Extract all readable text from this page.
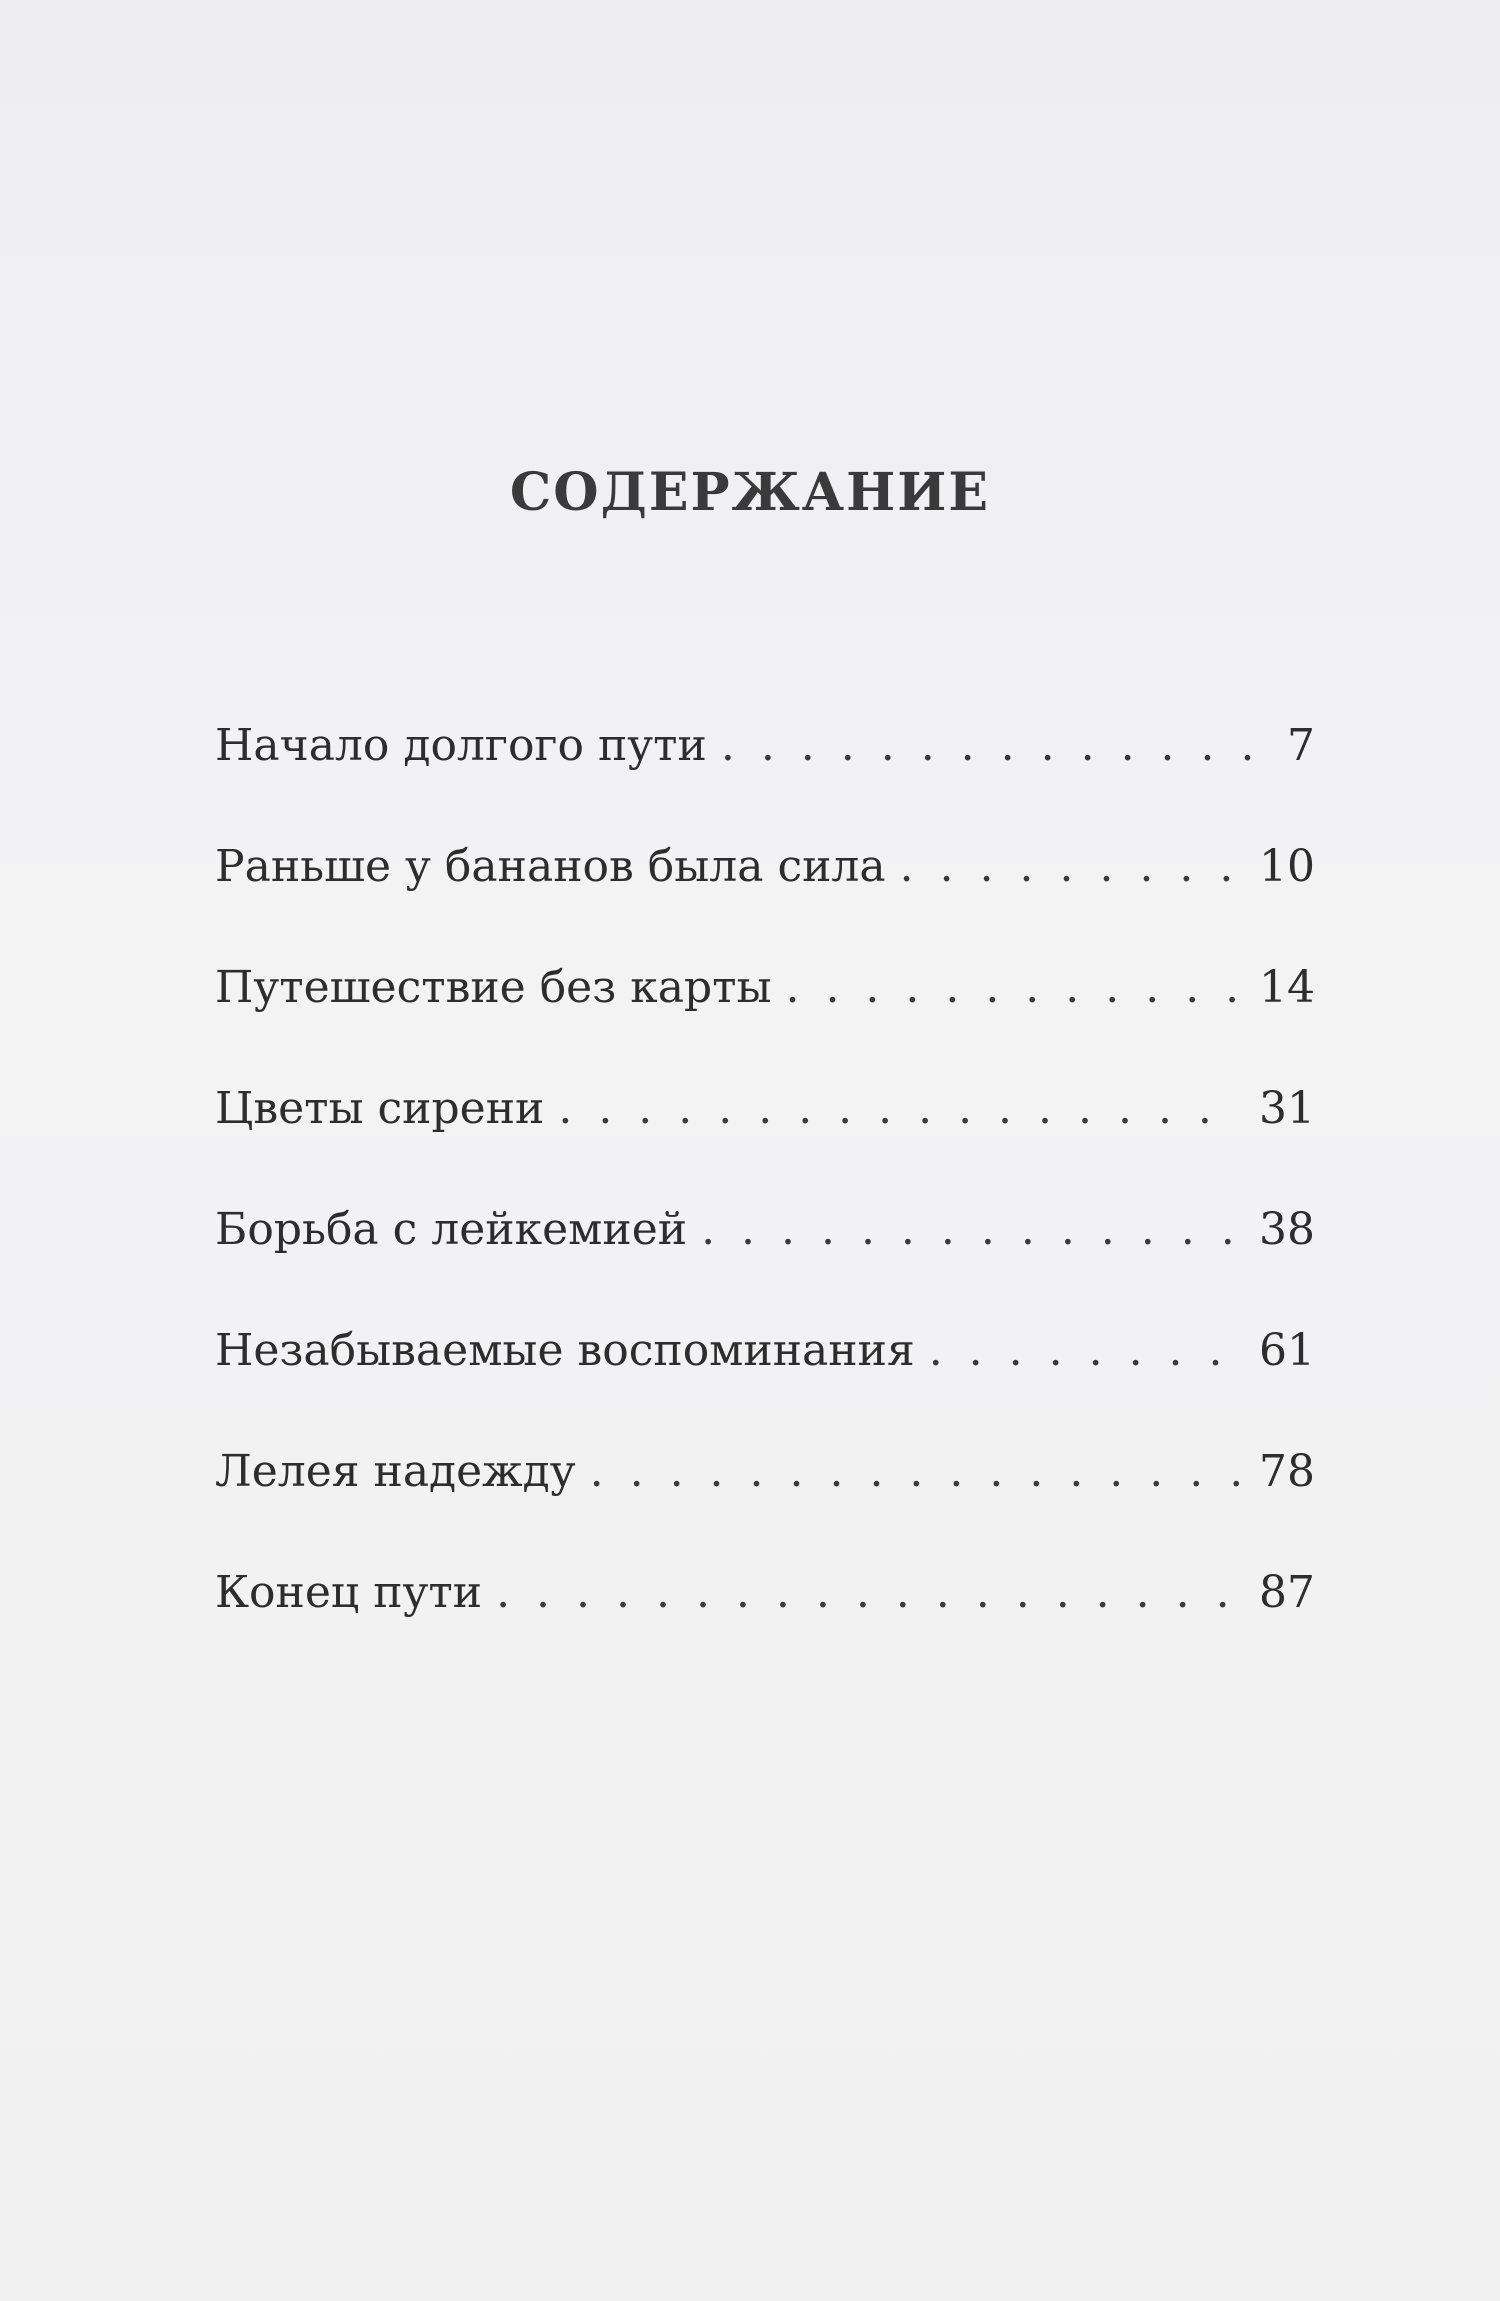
СОДЕРЖАНИЕ
Начало долгого пути . . .	7
Раньше у бананов была сила . . .	10
Путешествие без карты . . .	14
Цветы сирени . . .	31
Борьба с лейкемией . . .	38
Незабываемые воспоминания . . .	61
Лелея надежду . . .	78
Конец пути . . .	87
